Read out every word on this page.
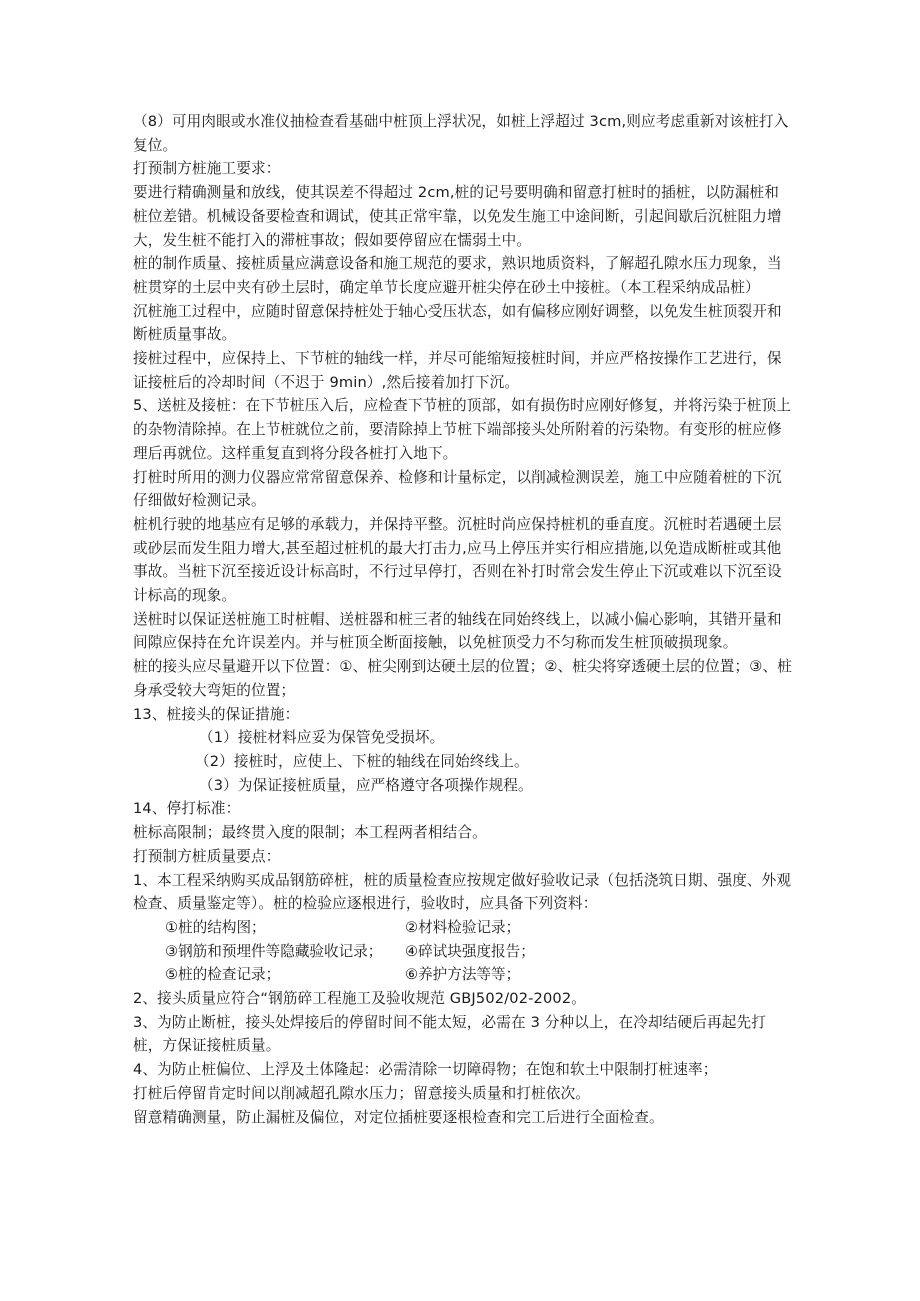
（8）可用肉眼或水准仪抽检查看基础中桩顶上浮状况，如桩上浮超过 3cm,则应考虑重新对该桩打入复位。

打预制方桩施工要求：

要进行精确测量和放线，使其误差不得超过 2cm,桩的记号要明确和留意打桩时的插桩，以防漏桩和桩位差错。机械设备要检查和调试，使其正常牢靠，以免发生施工中途间断，引起间歇后沉桩阻力增大，发生桩不能打入的滞桩事故；假如要停留应在懦弱土中。

桩的制作质量、接桩质量应满意设备和施工规范的要求，熟识地质资料，了解超孔隙水压力现象，当桩贯穿的土层中夹有砂土层时，确定单节长度应避开桩尖停在砂土中接桩。（本工程采纳成品桩）

沉桩施工过程中，应随时留意保持桩处于轴心受压状态，如有偏移应刚好调整，以免发生桩顶裂开和断桩质量事故。

接桩过程中，应保持上、下节桩的轴线一样，并尽可能缩短接桩时间，并应严格按操作工艺进行，保证接桩后的冷却时间（不迟于 9min）,然后接着加打下沉。

5、送桩及接桩：在下节桩压入后，应检查下节桩的顶部，如有损伤时应刚好修复，并将污染于桩顶上的杂物清除掉。在上节桩就位之前，要清除掉上节桩下端部接头处所附着的污染物。有变形的桩应修理后再就位。这样重复直到将分段各桩打入地下。

打桩时所用的测力仪器应常常留意保养、检修和计量标定，以削减检测误差，施工中应随着桩的下沉仔细做好检测记录。

桩机行驶的地基应有足够的承载力，并保持平整。沉桩时尚应保持桩机的垂直度。沉桩时若遇硬土层或砂层而发生阻力增大,甚至超过桩机的最大打击力,应马上停压并实行相应措施,以免造成断桩或其他事故。当桩下沉至接近设计标高时，不行过早停打，否则在补打时常会发生停止下沉或难以下沉至设计标高的现象。

送桩时以保证送桩施工时桩帽、送桩器和桩三者的轴线在同始终线上，以减小偏心影响，其错开量和间隙应保持在允许误差内。并与桩顶全断面接触，以免桩顶受力不匀称而发生桩顶破损现象。

桩的接头应尽量避开以下位置：①、桩尖刚到达硬土层的位置；②、桩尖将穿透硬土层的位置；③、桩身承受较大弯矩的位置；

13、桩接头的保证措施：

（1）接桩材料应妥为保管免受损坏。

（2）接桩时，应使上、下桩的轴线在同始终线上。

（3）为保证接桩质量，应严格遵守各项操作规程。

14、停打标准：

桩标高限制；最终贯入度的限制；本工程两者相结合。

打预制方桩质量要点：

1、本工程采纳购买成品钢筋碎桩，桩的质量检查应按规定做好验收记录（包括浇筑日期、强度、外观检查、质量鉴定等）。桩的检验应逐根进行，验收时，应具备下列资料：

①桩的结构图；	②材料检验记录；
③钢筋和预埋件等隐藏验收记录；	④碎试块强度报告；
⑤桩的检查记录；	⑥养护方法等等；

2、接头质量应符合“钢筋碎工程施工及验收规范 GBJ502/02-2002。

3、为防止断桩，接头处焊接后的停留时间不能太短，必需在 3 分种以上，在冷却结硬后再起先打桩，方保证接桩质量。

4、为防止桩偏位、上浮及土体隆起：必需清除一切障碍物；在饱和软土中限制打桩速率；

打桩后停留肯定时间以削减超孔隙水压力；留意接头质量和打桩依次。

留意精确测量，防止漏桩及偏位，对定位插桩要逐根检查和完工后进行全面检查。
